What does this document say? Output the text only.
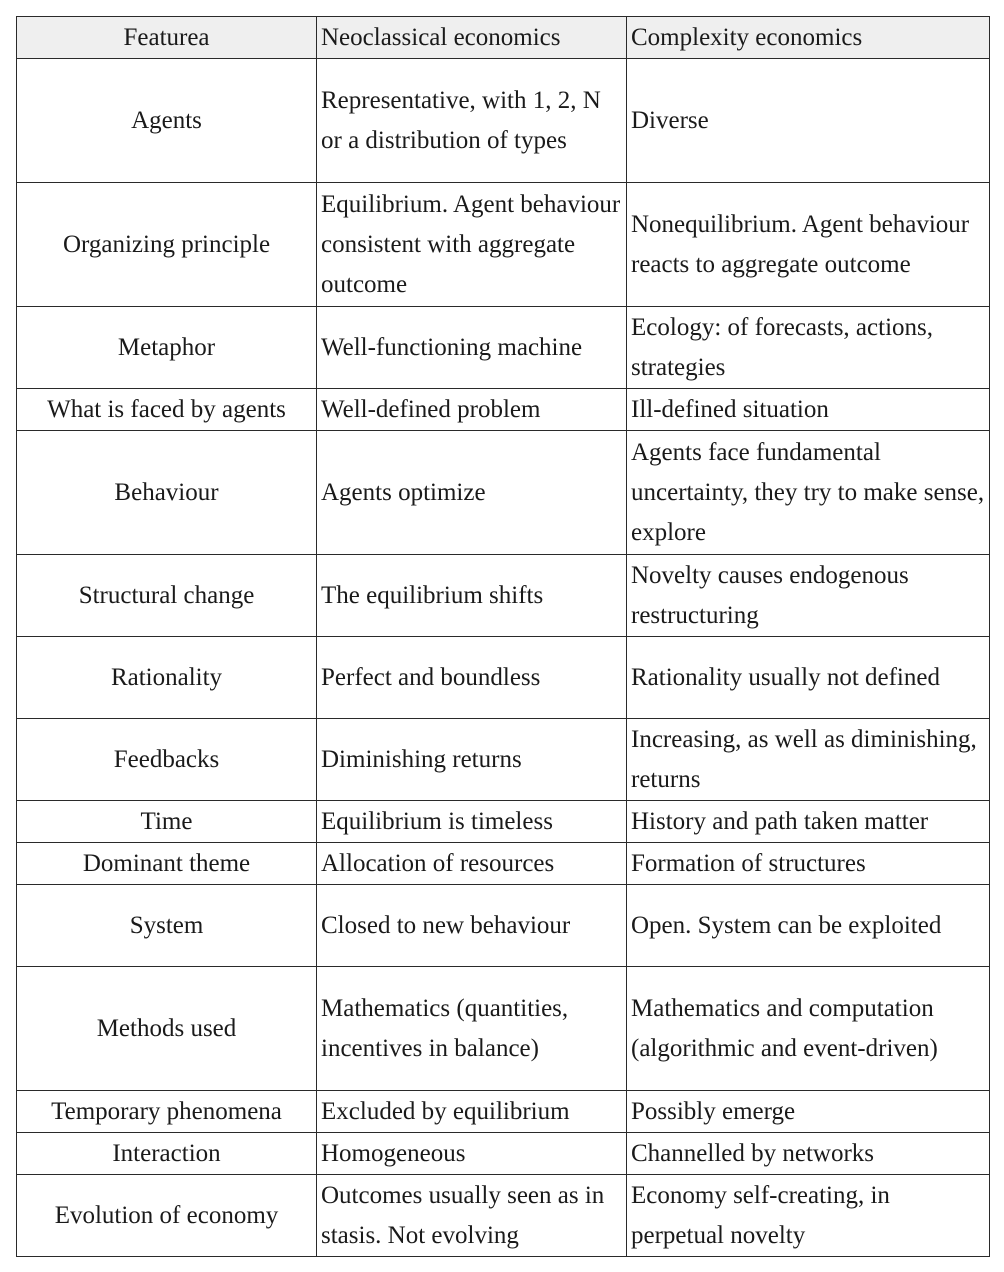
Featurea	Neoclassical economics	Complexity economics
Agents	Representative, with 1, 2, N or a distribution of types	Diverse
Organizing principle	Equilibrium. Agent behaviour consistent with aggregate outcome	Nonequilibrium. Agent behaviour reacts to aggregate outcome
Metaphor	Well-functioning machine	Ecology: of forecasts, actions, strategies
What is faced by agents	Well-defined problem	Ill-defined situation
Behaviour	Agents optimize	Agents face fundamental uncertainty, they try to make sense, explore
Structural change	The equilibrium shifts	Novelty causes endogenous restructuring
Rationality	Perfect and boundless	Rationality usually not defined
Feedbacks	Diminishing returns	Increasing, as well as diminishing, returns
Time	Equilibrium is timeless	History and path taken matter
Dominant theme	Allocation of resources	Formation of structures
System	Closed to new behaviour	Open. System can be exploited
Methods used	Mathematics (quantities, incentives in balance)	Mathematics and computation (algorithmic and event-driven)
Temporary phenomena	Excluded by equilibrium	Possibly emerge
Interaction	Homogeneous	Channelled by networks
Evolution of economy	Outcomes usually seen as in stasis. Not evolving	Economy self-creating, in perpetual novelty
